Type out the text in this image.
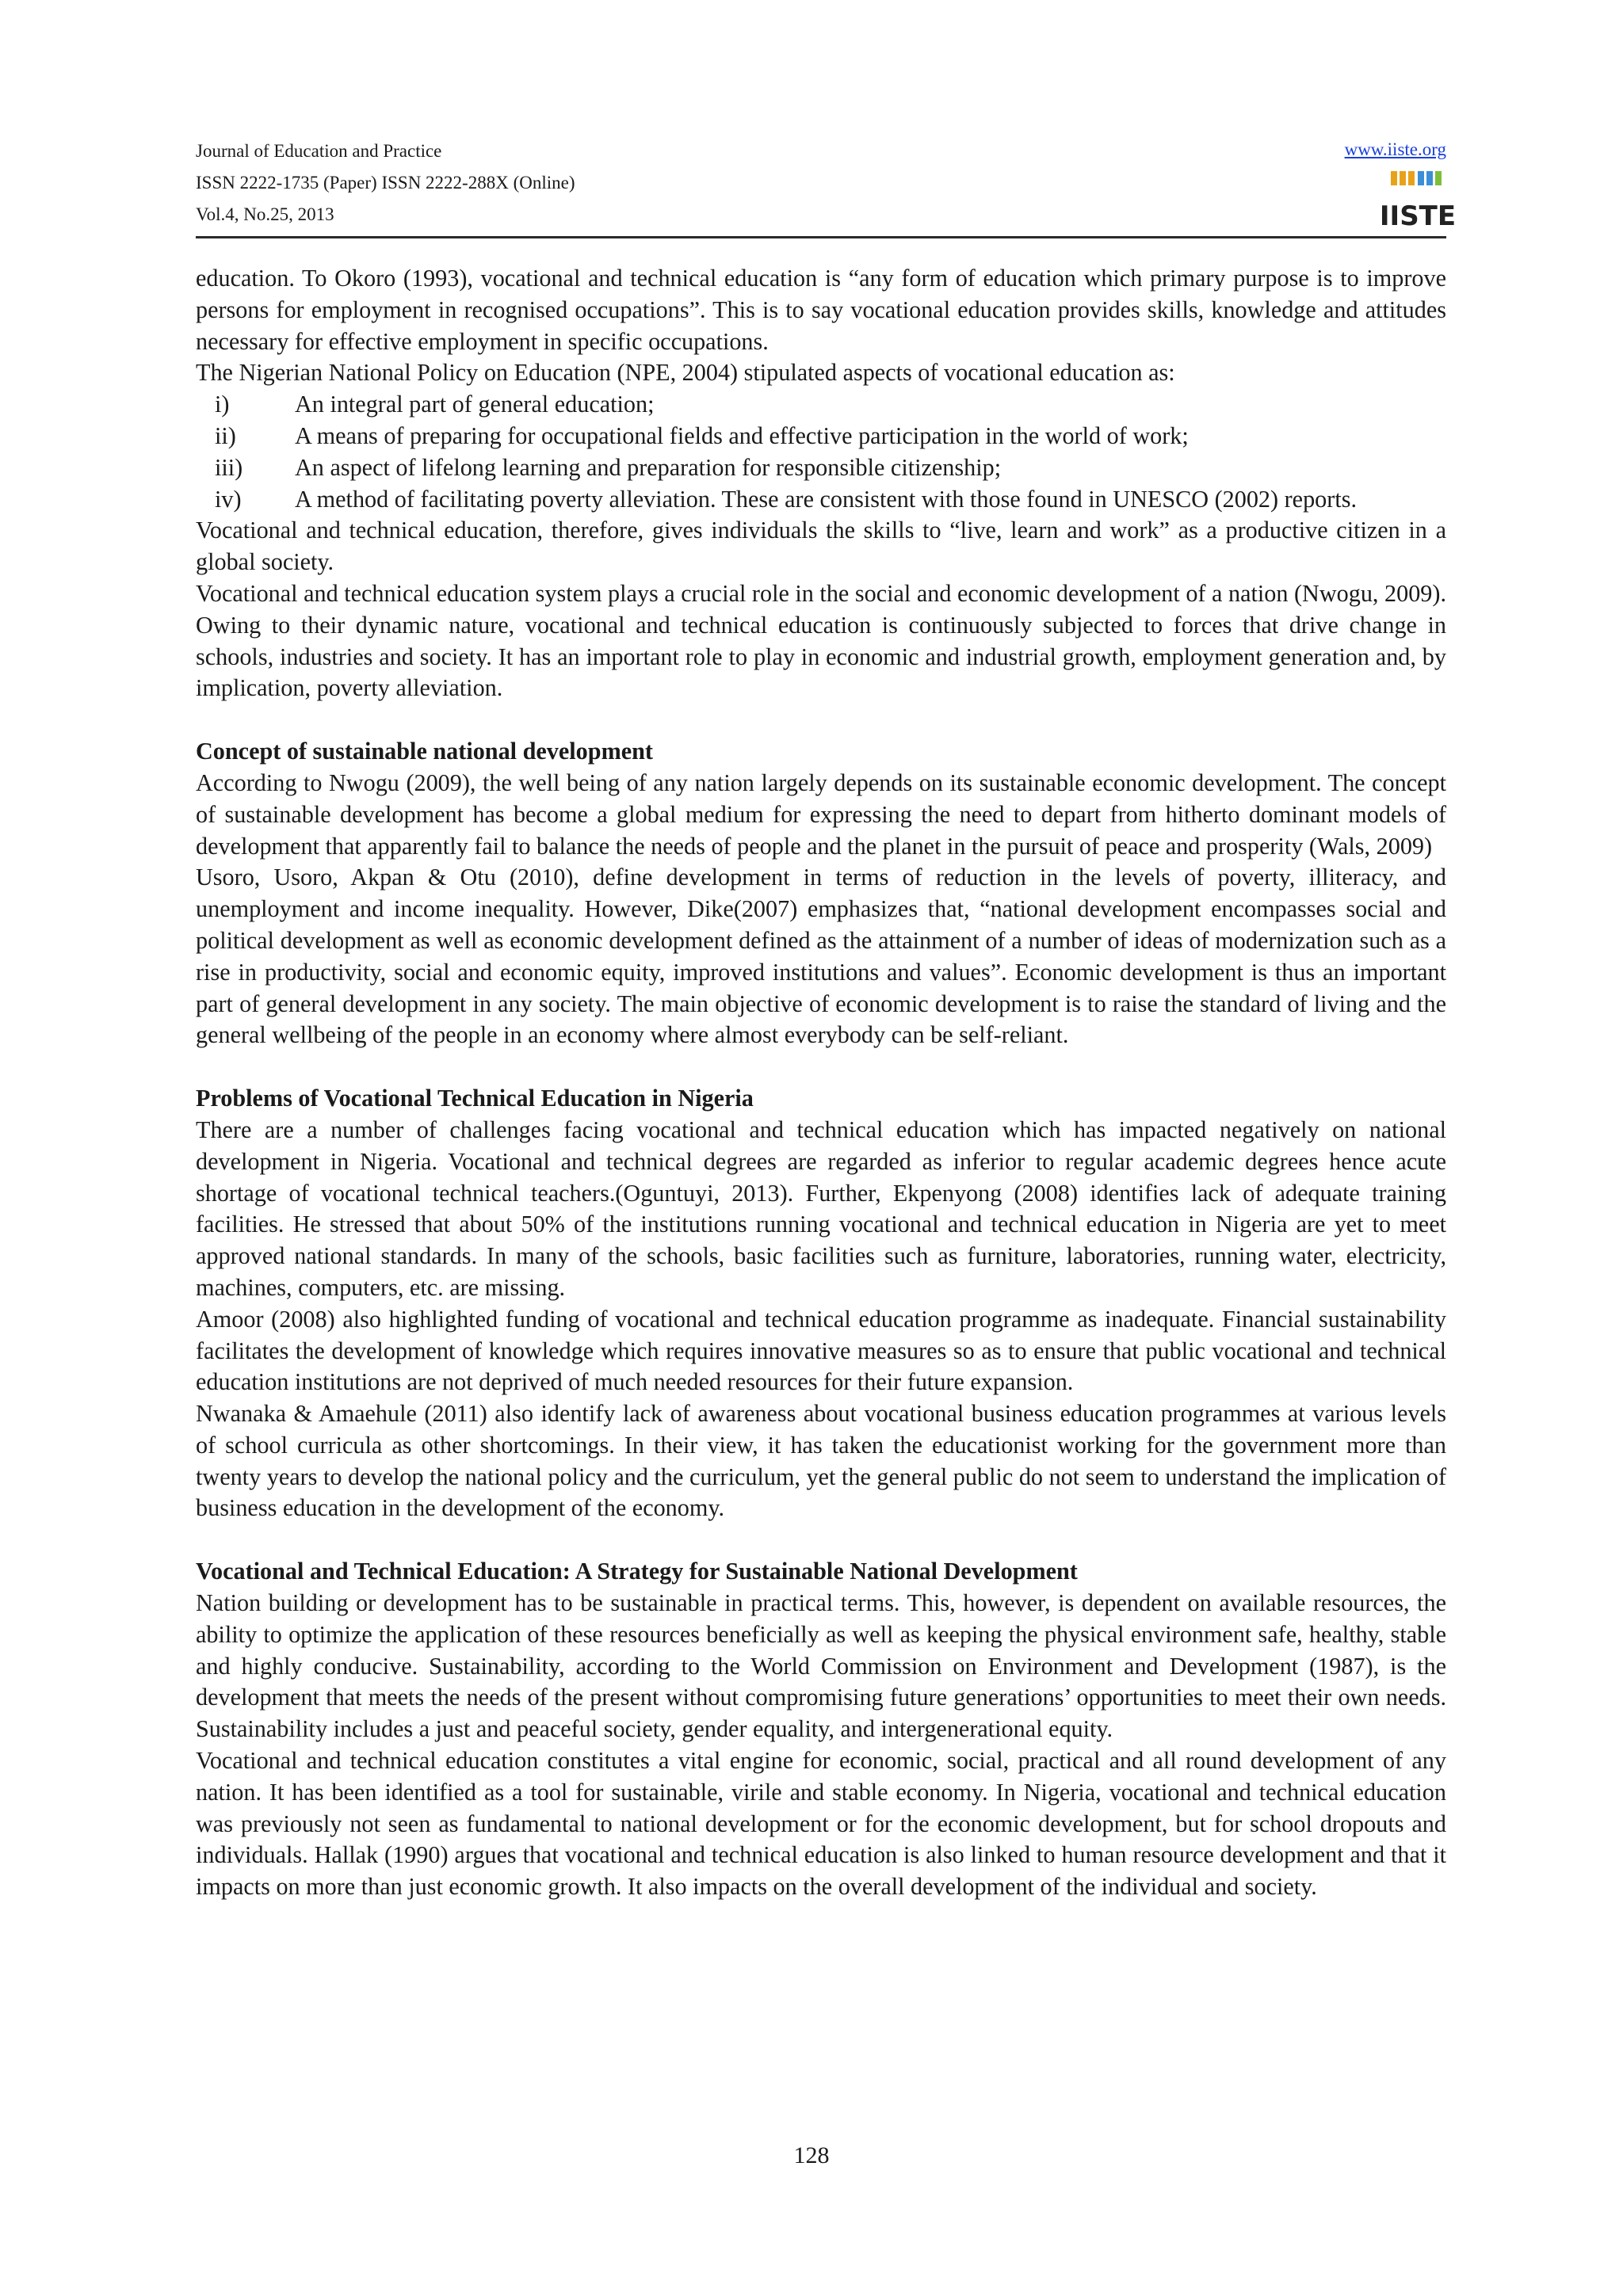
Journal of Education and Practice
ISSN 2222-1735 (Paper) ISSN 2222-288X (Online)
Vol.4, No.25, 2013
www.iiste.org
IISTE

education. To Okoro (1993), vocational and technical education is “any form of education which primary purpose is to improve persons for employment in recognised occupations”. This is to say vocational education provides skills, knowledge and attitudes necessary for effective employment in specific occupations.

The Nigerian National Policy on Education (NPE, 2004) stipulated aspects of vocational education as:

i)	An integral part of general education;
ii) A means of preparing for occupational fields and effective participation in the world of work;
iii) An aspect of lifelong learning and preparation for responsible citizenship;
iv) A method of facilitating poverty alleviation. These are consistent with those found in UNESCO (2002) reports.

Vocational and technical education, therefore, gives individuals the skills to “live, learn and work” as a productive citizen in a global society.

Vocational and technical education system plays a crucial role in the social and economic development of a nation (Nwogu, 2009). Owing to their dynamic nature, vocational and technical education is continuously subjected to forces that drive change in schools, industries and society. It has an important role to play in economic and industrial growth, employment generation and, by implication, poverty alleviation.

Concept of sustainable national development

According to Nwogu (2009), the well being of any nation largely depends on its sustainable economic development. The concept of sustainable development has become a global medium for expressing the need to depart from hitherto dominant models of development that apparently fail to balance the needs of people and the planet in the pursuit of peace and prosperity (Wals, 2009)

Usoro, Usoro, Akpan & Otu (2010), define development in terms of reduction in the levels of poverty, illiteracy, and unemployment and income inequality. However, Dike(2007) emphasizes that, “national development encompasses social and political development as well as economic development defined as the attainment of a number of ideas of modernization such as a rise in productivity, social and economic equity, improved institutions and values”. Economic development is thus an important part of general development in any society. The main objective of economic development is to raise the standard of living and the general wellbeing of the people in an economy where almost everybody can be self-reliant.

Problems of Vocational Technical Education in Nigeria

There are a number of challenges facing vocational and technical education which has impacted negatively on national development in Nigeria. Vocational and technical degrees are regarded as inferior to regular academic degrees hence acute shortage of vocational technical teachers.(Oguntuyi, 2013). Further, Ekpenyong (2008) identifies lack of adequate training facilities. He stressed that about 50% of the institutions running vocational and technical education in Nigeria are yet to meet approved national standards. In many of the schools, basic facilities such as furniture, laboratories, running water, electricity, machines, computers, etc. are missing.

Amoor (2008) also highlighted funding of vocational and technical education programme as inadequate. Financial sustainability facilitates the development of knowledge which requires innovative measures so as to ensure that public vocational and technical education institutions are not deprived of much needed resources for their future expansion.

Nwanaka & Amaehule (2011) also identify lack of awareness about vocational business education programmes at various levels of school curricula as other shortcomings. In their view, it has taken the educationist working for the government more than twenty years to develop the national policy and the curriculum, yet the general public do not seem to understand the implication of business education in the development of the economy.

Vocational and Technical Education: A Strategy for Sustainable National Development

Nation building or development has to be sustainable in practical terms. This, however, is dependent on available resources, the ability to optimize the application of these resources beneficially as well as keeping the physical environment safe, healthy, stable and highly conducive. Sustainability, according to the World Commission on Environment and Development (1987), is the development that meets the needs of the present without compromising future generations’ opportunities to meet their own needs. Sustainability includes a just and peaceful society, gender equality, and intergenerational equity.

Vocational and technical education constitutes a vital engine for economic, social, practical and all round development of any nation. It has been identified as a tool for sustainable, virile and stable economy. In Nigeria, vocational and technical education was previously not seen as fundamental to national development or for the economic development, but for school dropouts and individuals. Hallak (1990) argues that vocational and technical education is also linked to human resource development and that it impacts on more than just economic growth. It also impacts on the overall development of the individual and society.

128
